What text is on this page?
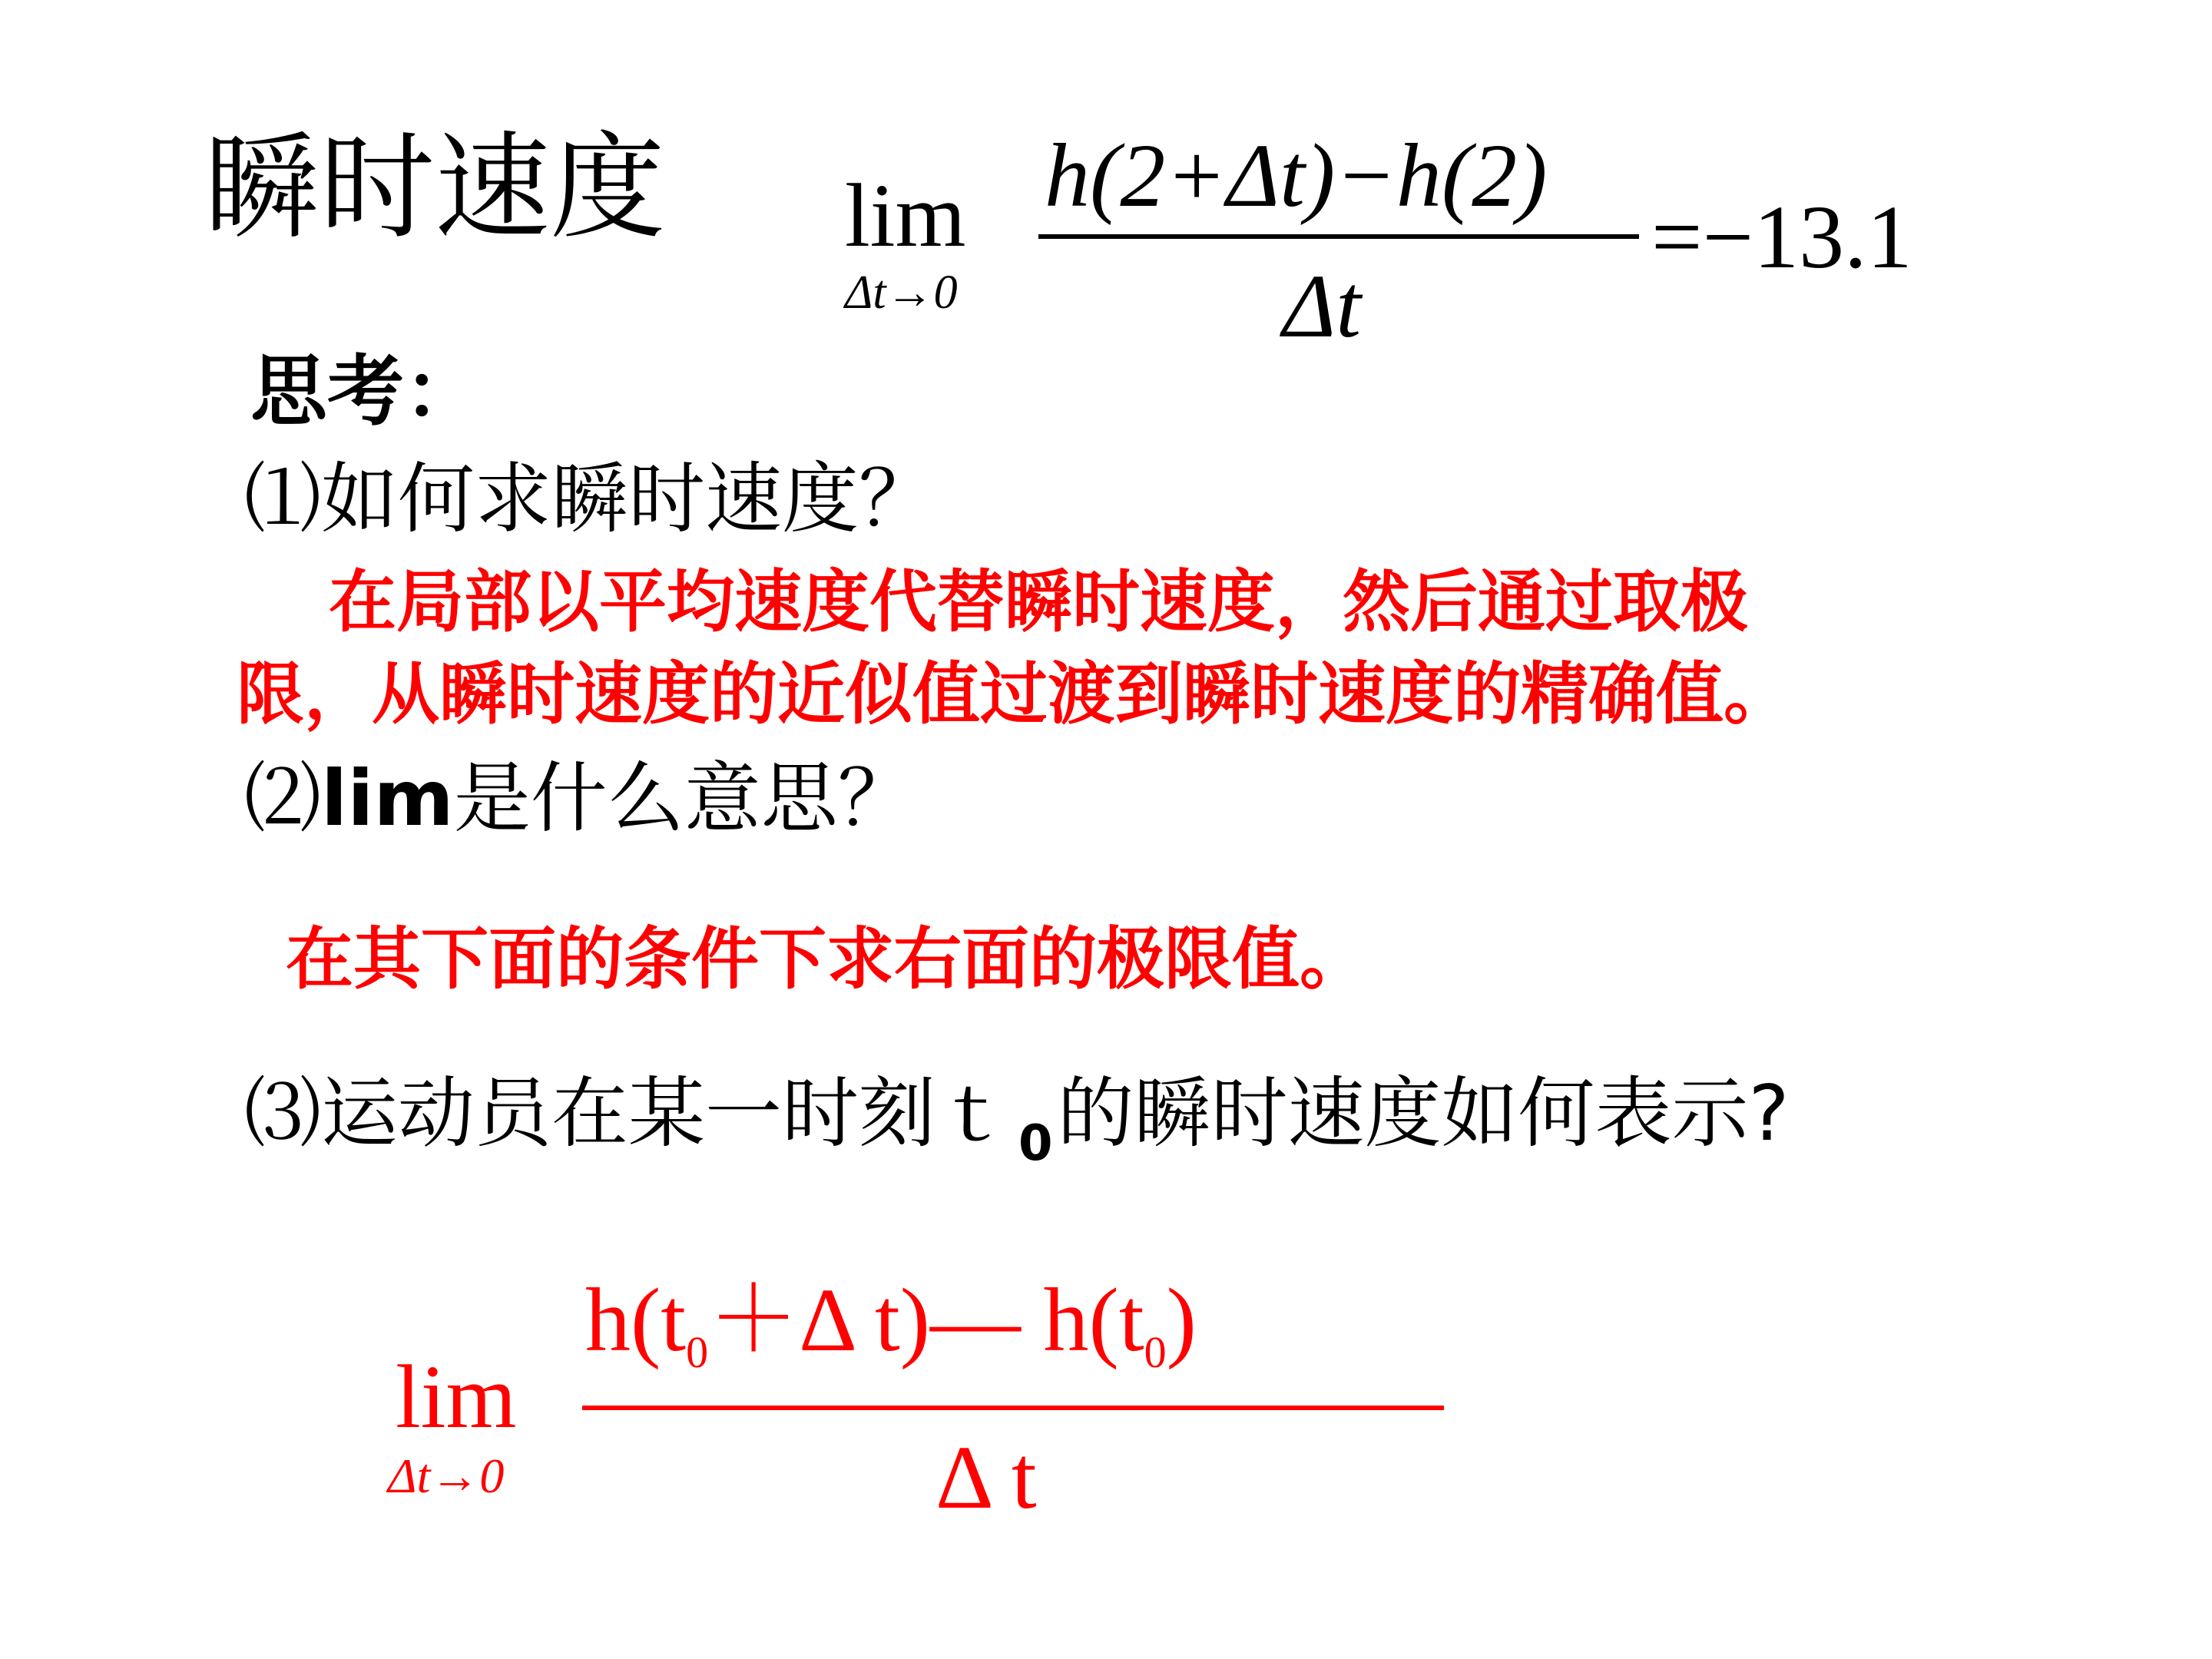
瞬时速度 lim
Δt→0
h(2+Δt)−h(2)
Δt
=−13.1
思考：
⑴如何求瞬时速度？
在局部以平均速度代替瞬时速度，然后通过取极
限，从瞬时速度的近似值过渡到瞬时速度的精确值。
⑵lim是什么意思？
在其下面的条件下求右面的极限值。
⑶运动员在某一时刻ｔ $_0$的瞬时速度如何表示?
lim
Δt→0
h(t0＋Δ t)— h(t0)
Δ t
